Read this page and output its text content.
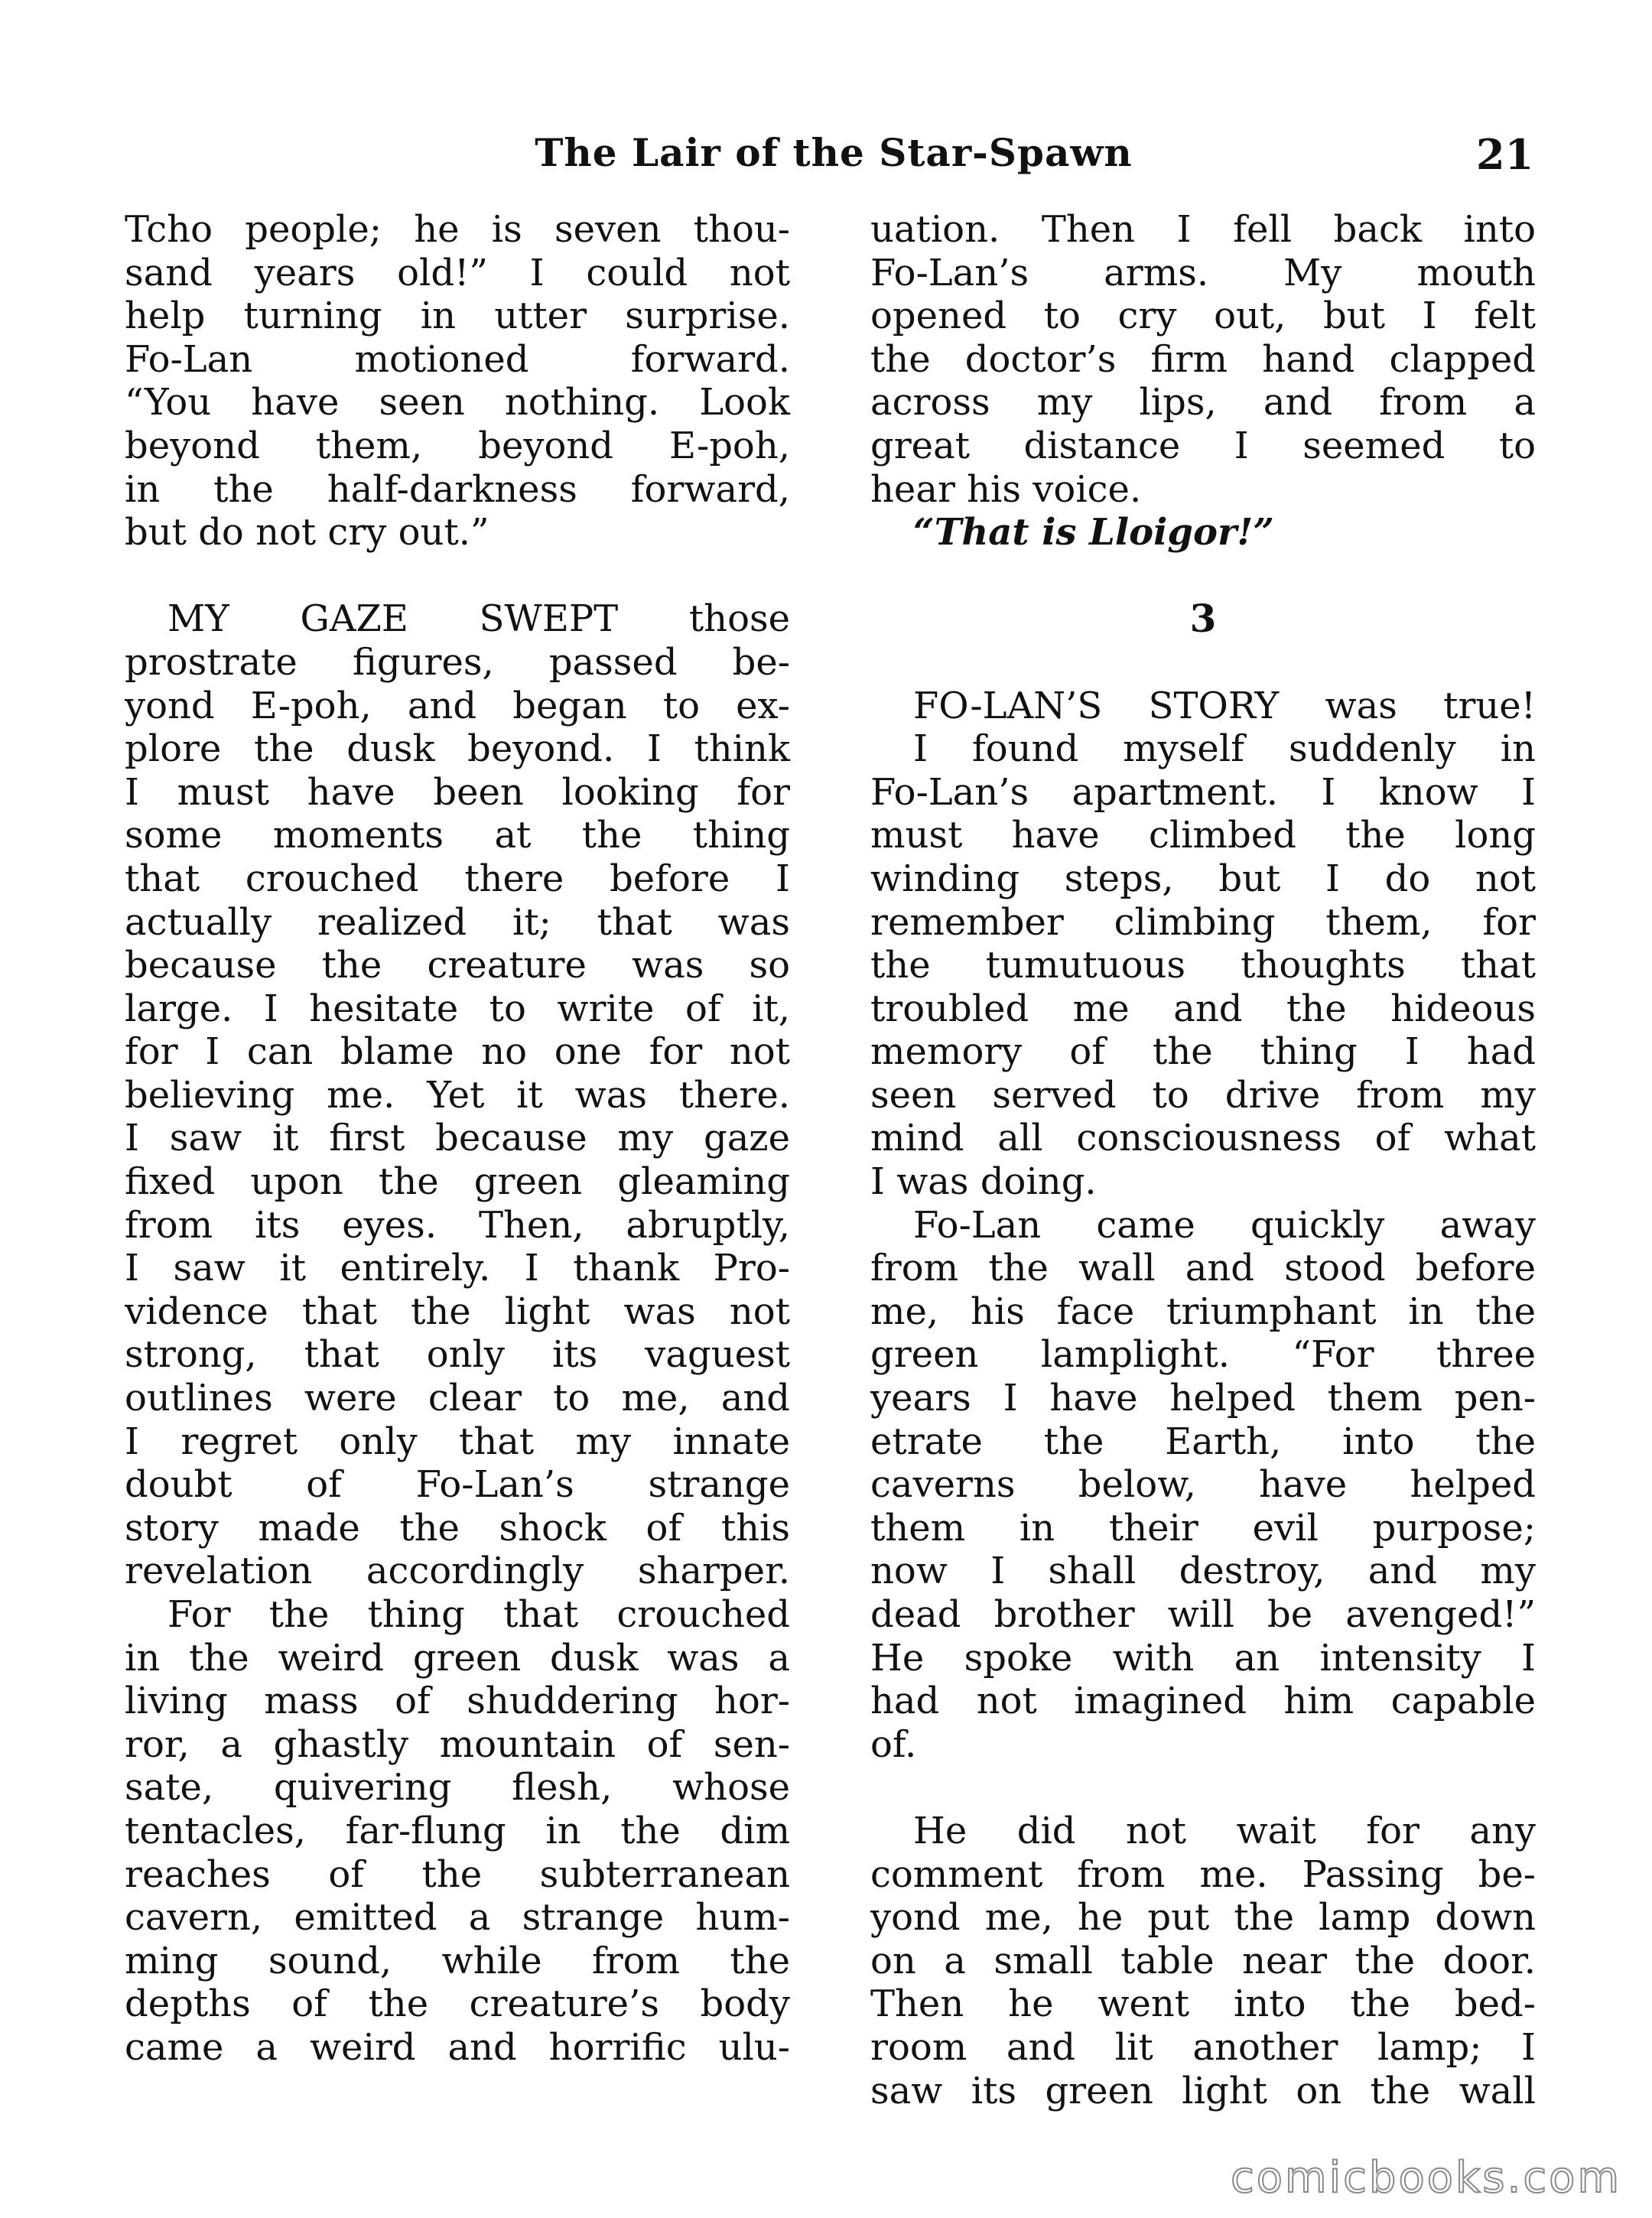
The Lair of the Star-Spawn	21
Tcho people; he is seven thou-
sand years old!” I could not
help turning in utter surprise.
Fo-Lan motioned forward.
“You have seen nothing. Look
beyond them, beyond E-poh,
in the half-darkness forward,
but do not cry out.”
MY GAZE SWEPT those
prostrate figures, passed be-
yond E-poh, and began to ex-
plore the dusk beyond. I think
I must have been looking for
some moments at the thing
that crouched there before I
actually realized it; that was
because the creature was so
large. I hesitate to write of it,
for I can blame no one for not
believing me. Yet it was there.
I saw it first because my gaze
fixed upon the green gleaming
from its eyes. Then, abruptly,
I saw it entirely. I thank Pro-
vidence that the light was not
strong, that only its vaguest
outlines were clear to me, and
I regret only that my innate
doubt of Fo-Lan’s strange
story made the shock of this
revelation accordingly sharper.
For the thing that crouched
in the weird green dusk was a
living mass of shuddering hor-
ror, a ghastly mountain of sen-
sate, quivering flesh, whose
tentacles, far-flung in the dim
reaches of the subterranean
cavern, emitted a strange hum-
ming sound, while from the
depths of the creature’s body
came a weird and horrific ulu-
uation. Then I fell back into
Fo-Lan’s arms. My mouth
opened to cry out, but I felt
the doctor’s firm hand clapped
across my lips, and from a
great distance I seemed to
hear his voice.
“That is Lloigor!”
3
FO-LAN’S STORY was true!
I found myself suddenly in
Fo-Lan’s apartment. I know I
must have climbed the long
winding steps, but I do not
remember climbing them, for
the tumutuous thoughts that
troubled me and the hideous
memory of the thing I had
seen served to drive from my
mind all consciousness of what
I was doing.
Fo-Lan came quickly away
from the wall and stood before
me, his face triumphant in the
green lamplight. “For three
years I have helped them pen-
etrate the Earth, into the
caverns below, have helped
them in their evil purpose;
now I shall destroy, and my
dead brother will be avenged!”
He spoke with an intensity I
had not imagined him capable
of.
He did not wait for any
comment from me. Passing be-
yond me, he put the lamp down
on a small table near the door.
Then he went into the bed-
room and lit another lamp; I
saw its green light on the wall
comicbooks.com
